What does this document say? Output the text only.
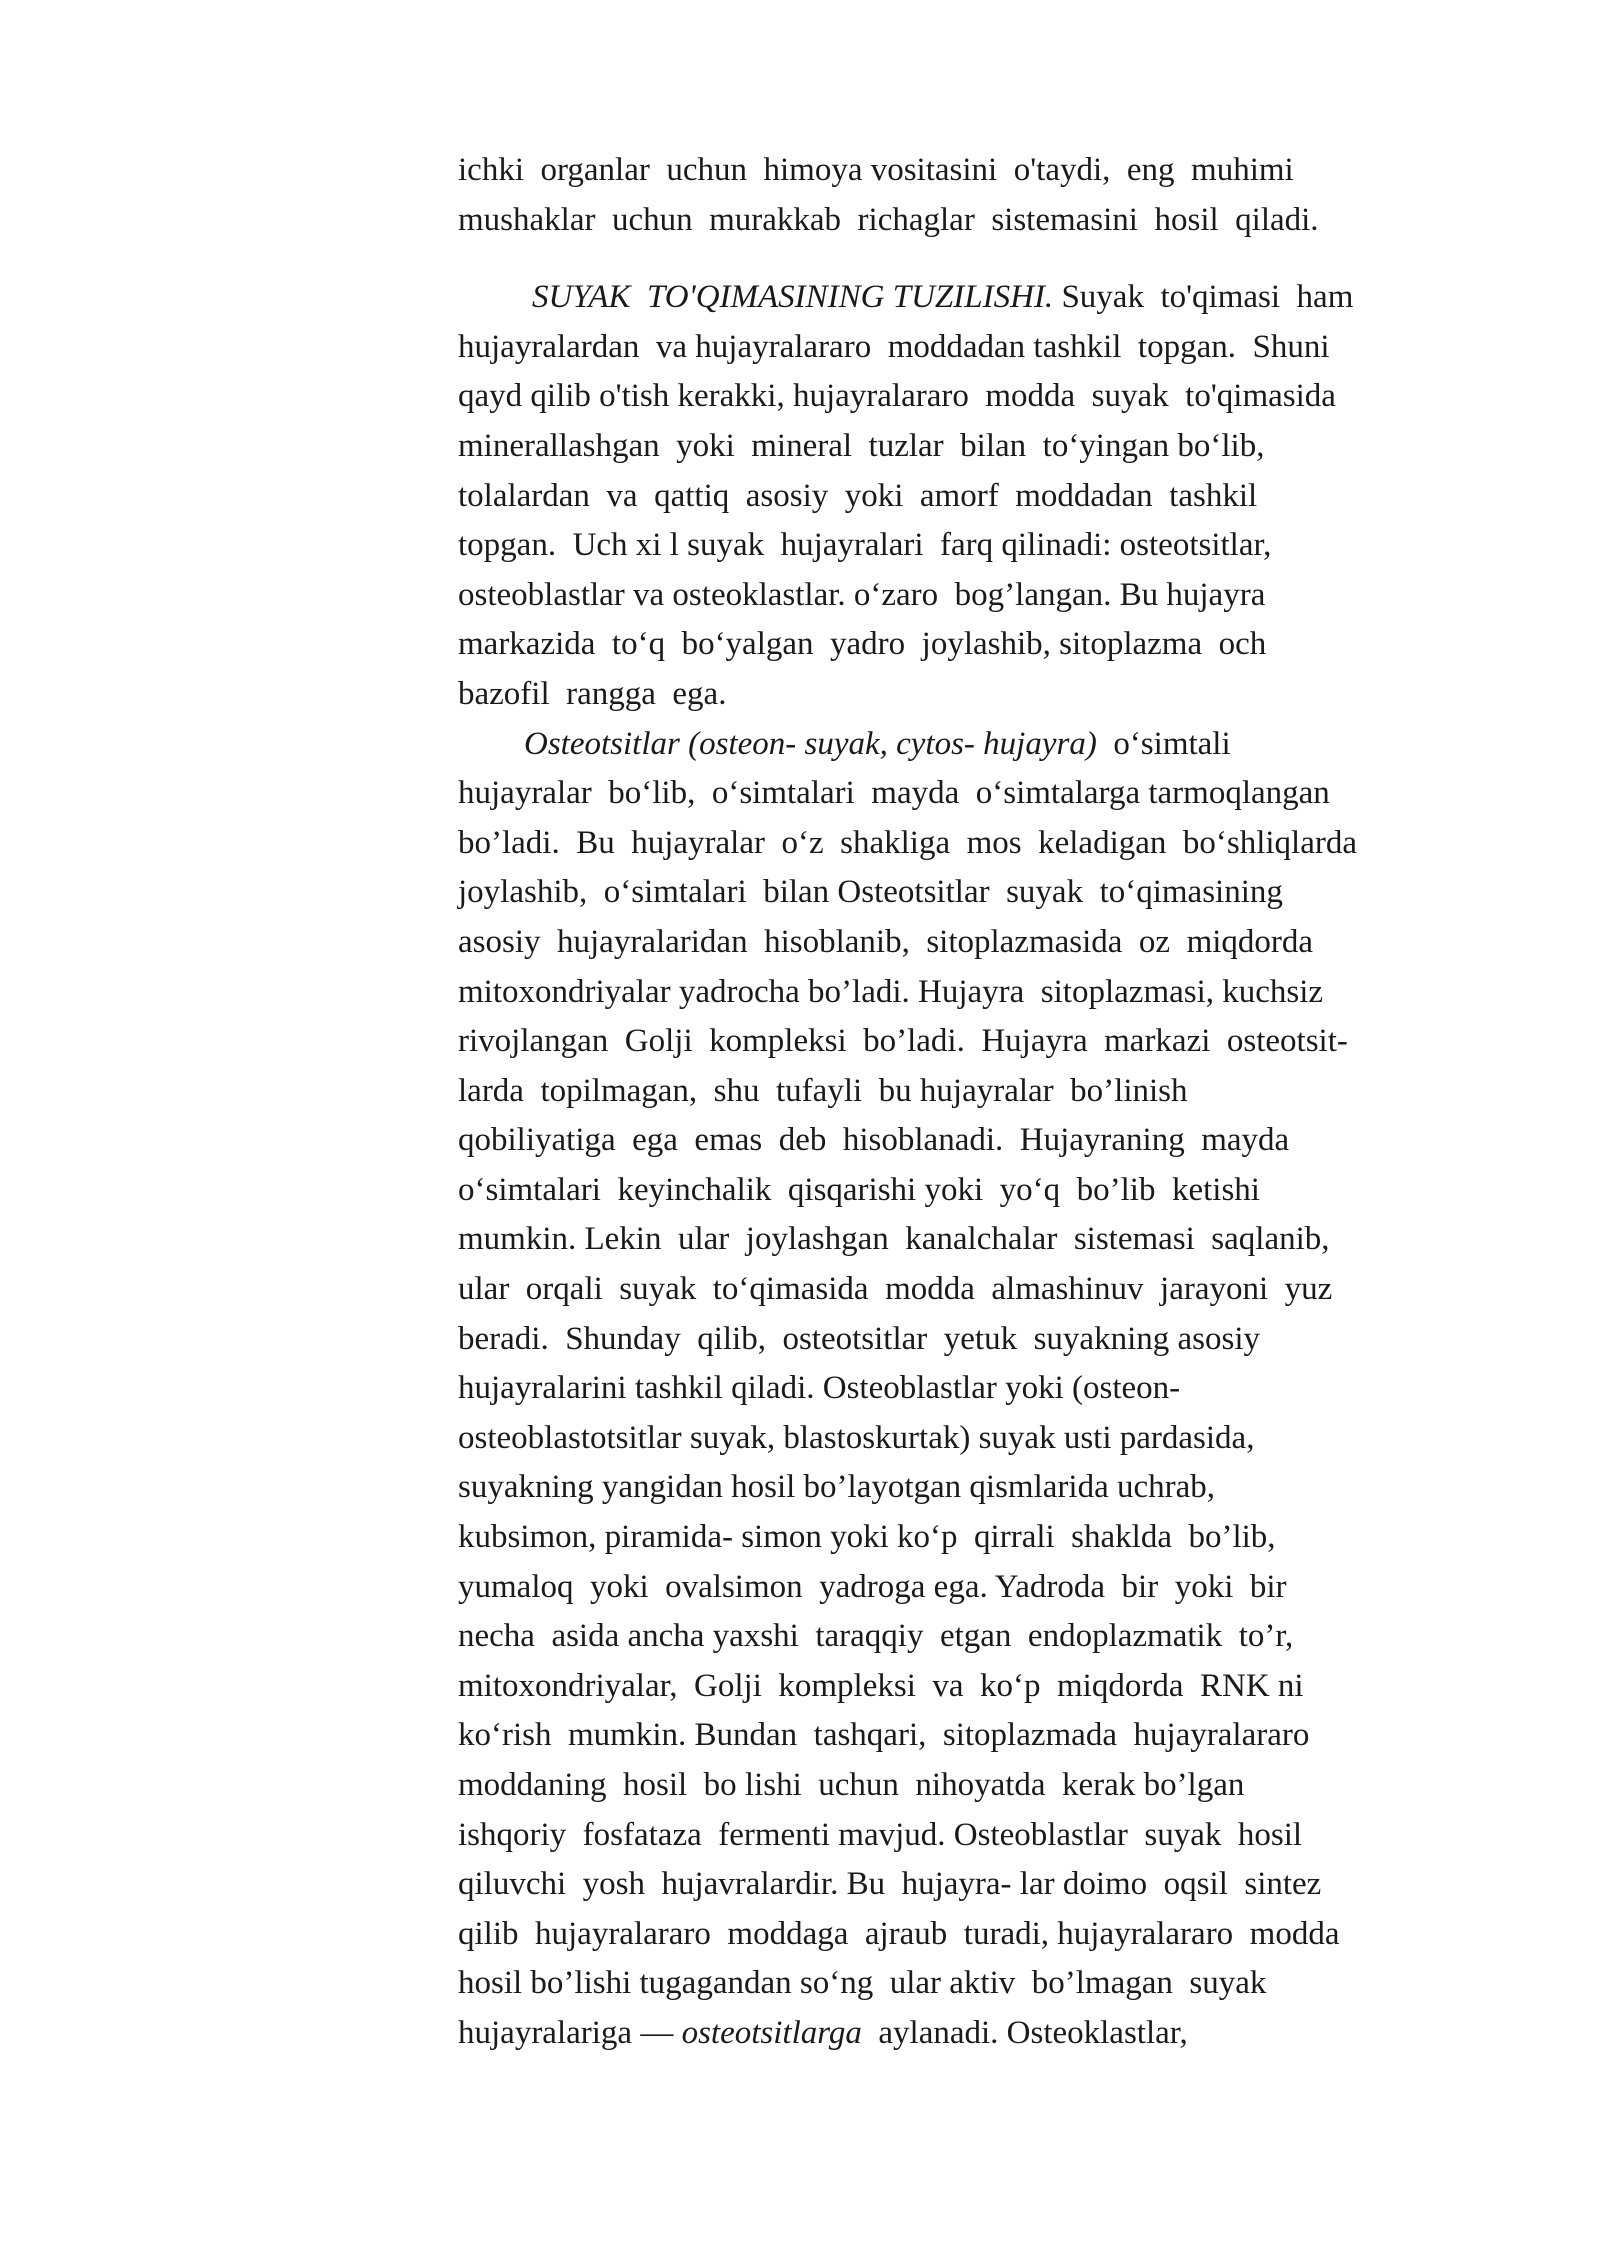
ichki  organlar  uchun  himoya vositasini  o'taydi,  eng  muhimi
mushaklar  uchun  murakkab  richaglar  sistemasini  hosil  qiladi.
SUYAK  TO'QIMASINING TUZILISHI. Suyak  to'qimasi  ham
hujayralardan  va hujayralararo  moddadan tashkil  topgan.  Shuni
qayd qilib o'tish kerakki, hujayralararo  modda  suyak  to'qimasida
minerallashgan  yoki  mineral  tuzlar  bilan  to‘yingan bo‘lib,
tolalardan  va  qattiq  asosiy  yoki  amorf  moddadan  tashkil
topgan.  Uch xi l suyak  hujayralari  farq qilinadi: osteotsitlar,
osteoblastlar va osteoklastlar. o‘zaro  bog’langan. Bu hujayra
markazida  to‘q  bo‘yalgan  yadro  joylashib, sitoplazma  och
bazofil  rangga  ega.
Osteotsitlar (osteon- suyak, cytos- hujayra)  o‘simtali
hujayralar  bo‘lib,  o‘simtalari  mayda  o‘simtalarga tarmoqlangan
bo’ladi.  Bu  hujayralar  o‘z  shakliga  mos  keladigan  bo‘shliqlarda
joylashib,  o‘simtalari  bilan Osteotsitlar  suyak  to‘qimasining
asosiy  hujayralaridan  hisoblanib,  sitoplazmasida  oz  miqdorda
mitoxondriyalar yadrocha bo’ladi. Hujayra  sitoplazmasi, kuchsiz
rivojlangan  Golji  kompleksi  bo’ladi.  Hujayra  markazi  osteotsit-
larda  topilmagan,  shu  tufayli  bu hujayralar  bo’linish
qobiliyatiga  ega  emas  deb  hisoblanadi.  Hujayraning  mayda
o‘simtalari  keyinchalik  qisqarishi yoki  yo‘q  bo’lib  ketishi
mumkin. Lekin  ular  joylashgan  kanalchalar  sistemasi  saqlanib,
ular  orqali  suyak  to‘qimasida  modda  almashinuv  jarayoni  yuz
beradi.  Shunday  qilib,  osteotsitlar  yetuk  suyakning asosiy
hujayralarini tashkil qiladi. Osteoblastlar yoki (osteon-
osteoblastotsitlar suyak, blastoskurtak) suyak usti pardasida,
suyakning yangidan hosil bo’layotgan qismlarida uchrab,
kubsimon, piramida- simon yoki ko‘p  qirrali  shaklda  bo’lib,
yumaloq  yoki  ovalsimon  yadroga ega. Yadroda  bir  yoki  bir
necha  asida ancha yaxshi  taraqqiy  etgan  endoplazmatik  to’r,
mitoxondriyalar,  Golji  kompleksi  va  ko‘p  miqdorda  RNK ni
ko‘rish  mumkin. Bundan  tashqari,  sitoplazmada  hujayralararo
moddaning  hosil  bo lishi  uchun  nihoyatda  kerak bo’lgan
ishqoriy  fosfataza  fermenti mavjud. Osteoblastlar  suyak  hosil
qiluvchi  yosh  hujavralardir. Bu  hujayra- lar doimo  oqsil  sintez
qilib  hujayralararo  moddaga  ajraub  turadi, hujayralararo  modda
hosil bo’lishi tugagandan so‘ng  ular aktiv  bo’lmagan  suyak
hujayralariga — osteotsitlarga  aylanadi. Osteoklastlar,
